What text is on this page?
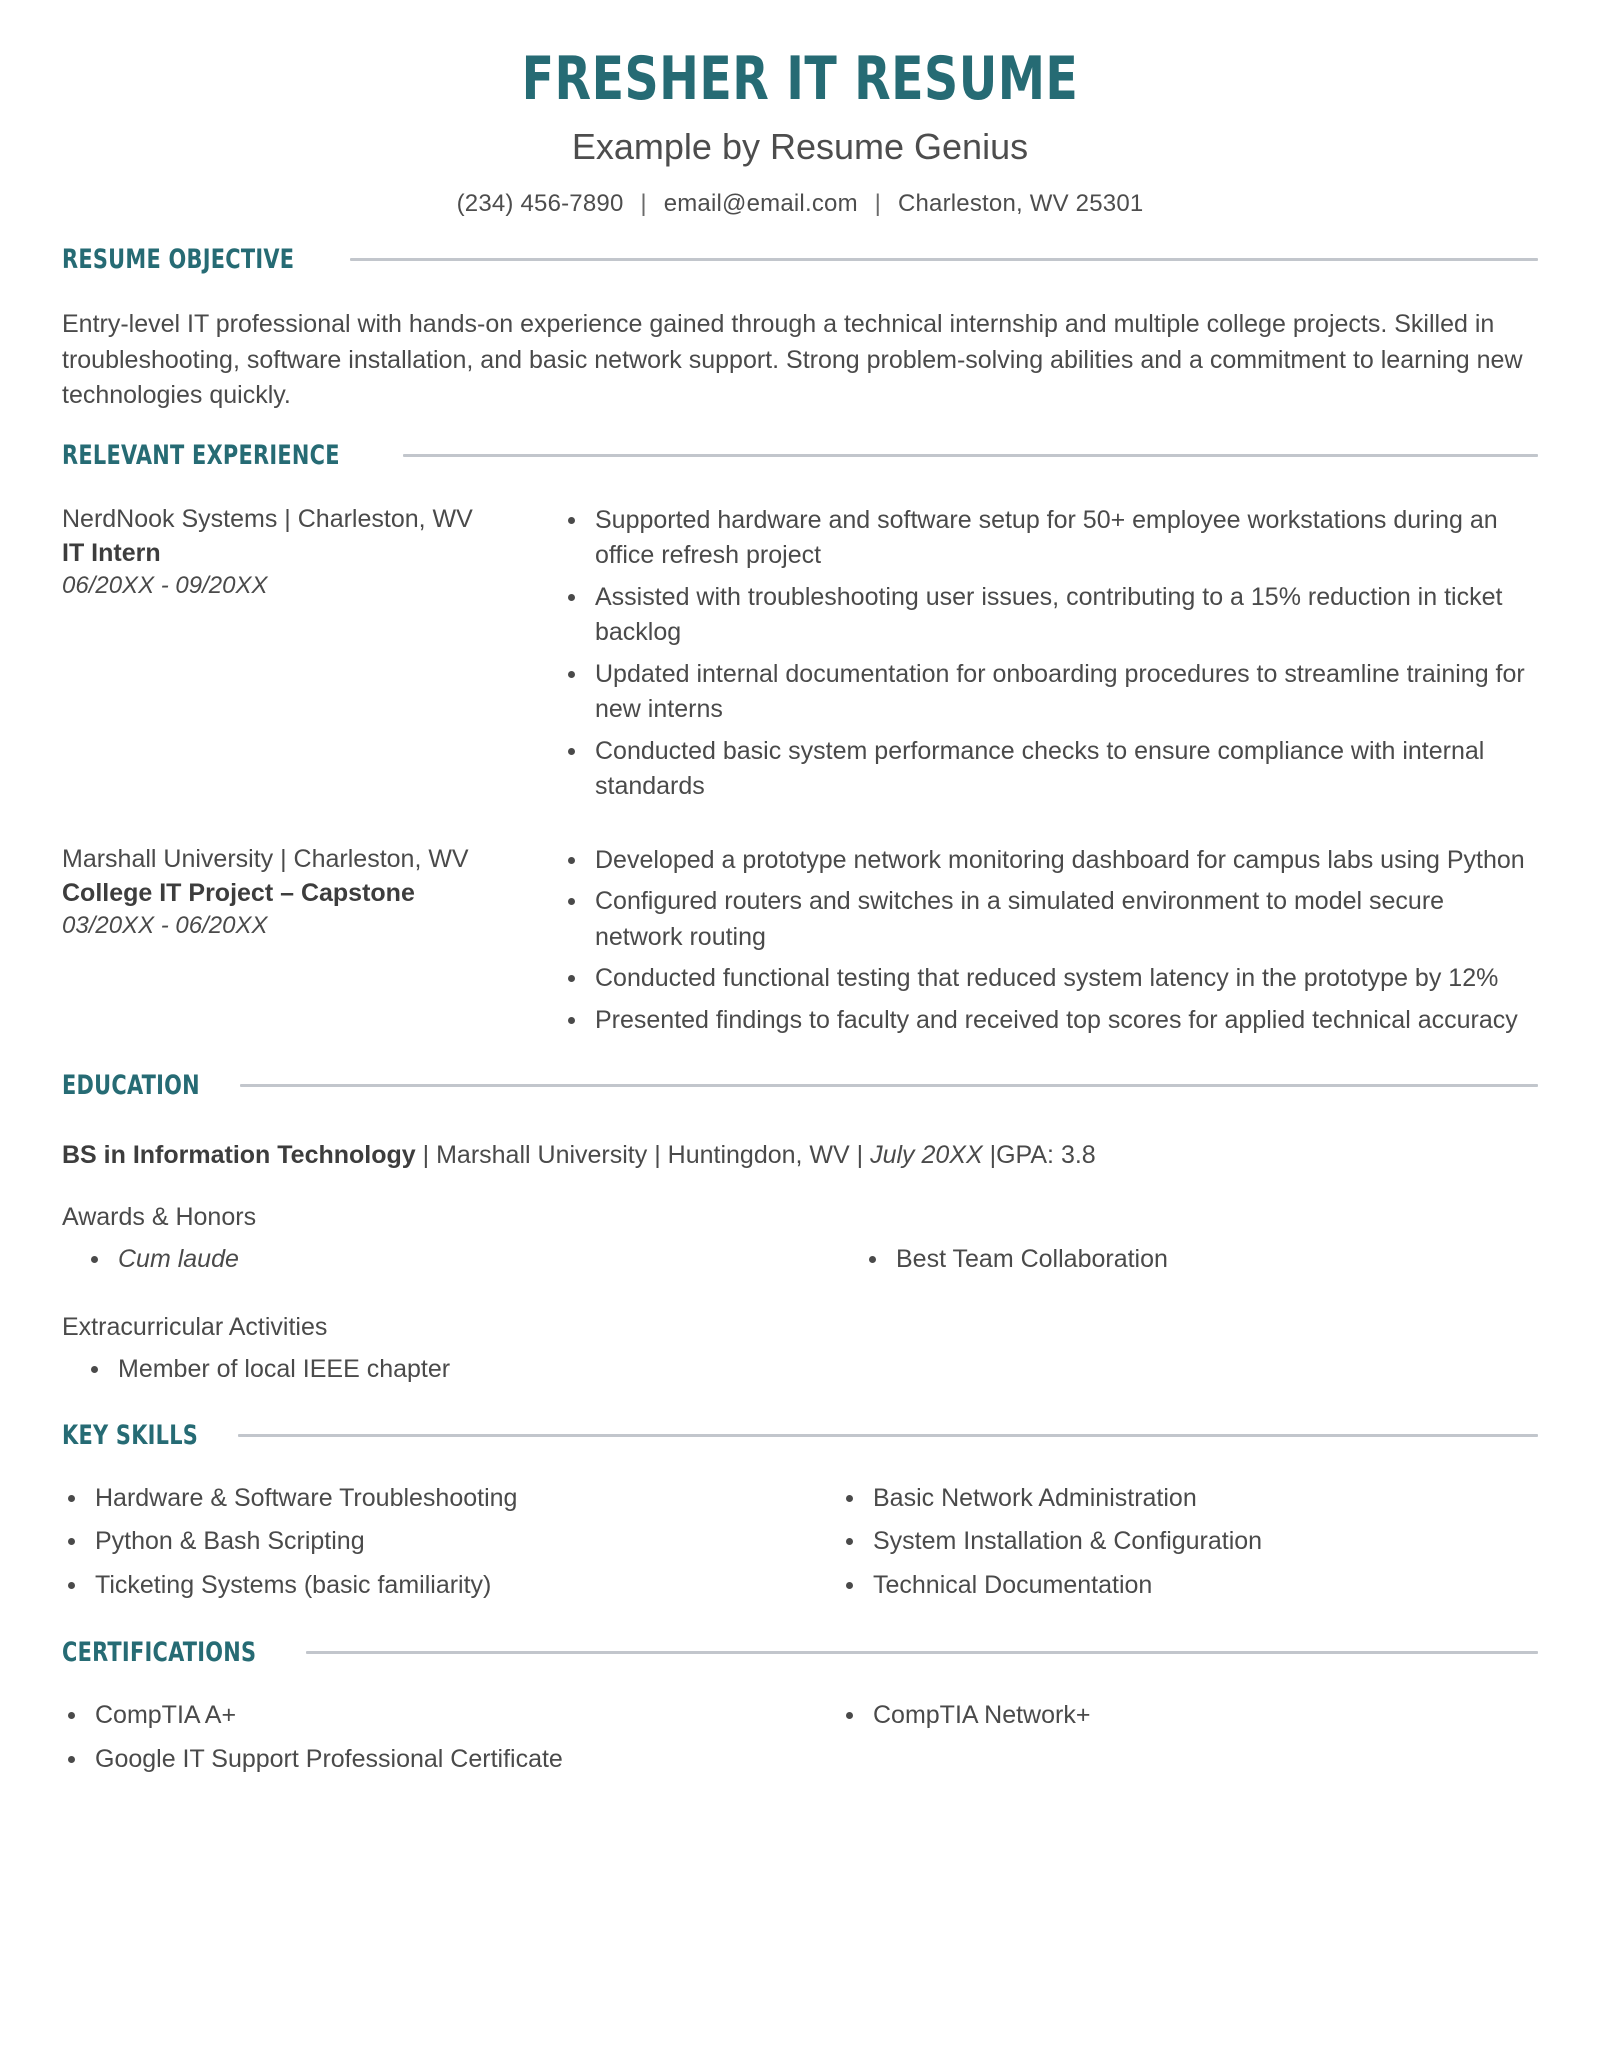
FRESHER IT RESUME
Example by Resume Genius
(234) 456-7890 | email@email.com | Charleston, WV 25301
RESUME OBJECTIVE
Entry-level IT professional with hands-on experience gained through a technical internship and multiple college projects. Skilled in troubleshooting, software installation, and basic network support. Strong problem-solving abilities and a commitment to learning new technologies quickly.
RELEVANT EXPERIENCE
NerdNook Systems | Charleston, WV
IT Intern
06/20XX - 09/20XX
Supported hardware and software setup for 50+ employee workstations during an office refresh project
Assisted with troubleshooting user issues, contributing to a 15% reduction in ticket backlog
Updated internal documentation for onboarding procedures to streamline training for new interns
Conducted basic system performance checks to ensure compliance with internal standards
Marshall University | Charleston, WV
College IT Project – Capstone
03/20XX - 06/20XX
Developed a prototype network monitoring dashboard for campus labs using Python
Configured routers and switches in a simulated environment to model secure network routing
Conducted functional testing that reduced system latency in the prototype by 12%
Presented findings to faculty and received top scores for applied technical accuracy
EDUCATION
BS in Information Technology | Marshall University | Huntingdon, WV | July 20XX |GPA: 3.8
Awards & Honors
Cum laude	Best Team Collaboration
Extracurricular Activities
Member of local IEEE chapter
KEY SKILLS
Hardware & Software Troubleshooting
Python & Bash Scripting
Ticketing Systems (basic familiarity)
Basic Network Administration
System Installation & Configuration
Technical Documentation
CERTIFICATIONS
CompTIA A+
Google IT Support Professional Certificate
CompTIA Network+
